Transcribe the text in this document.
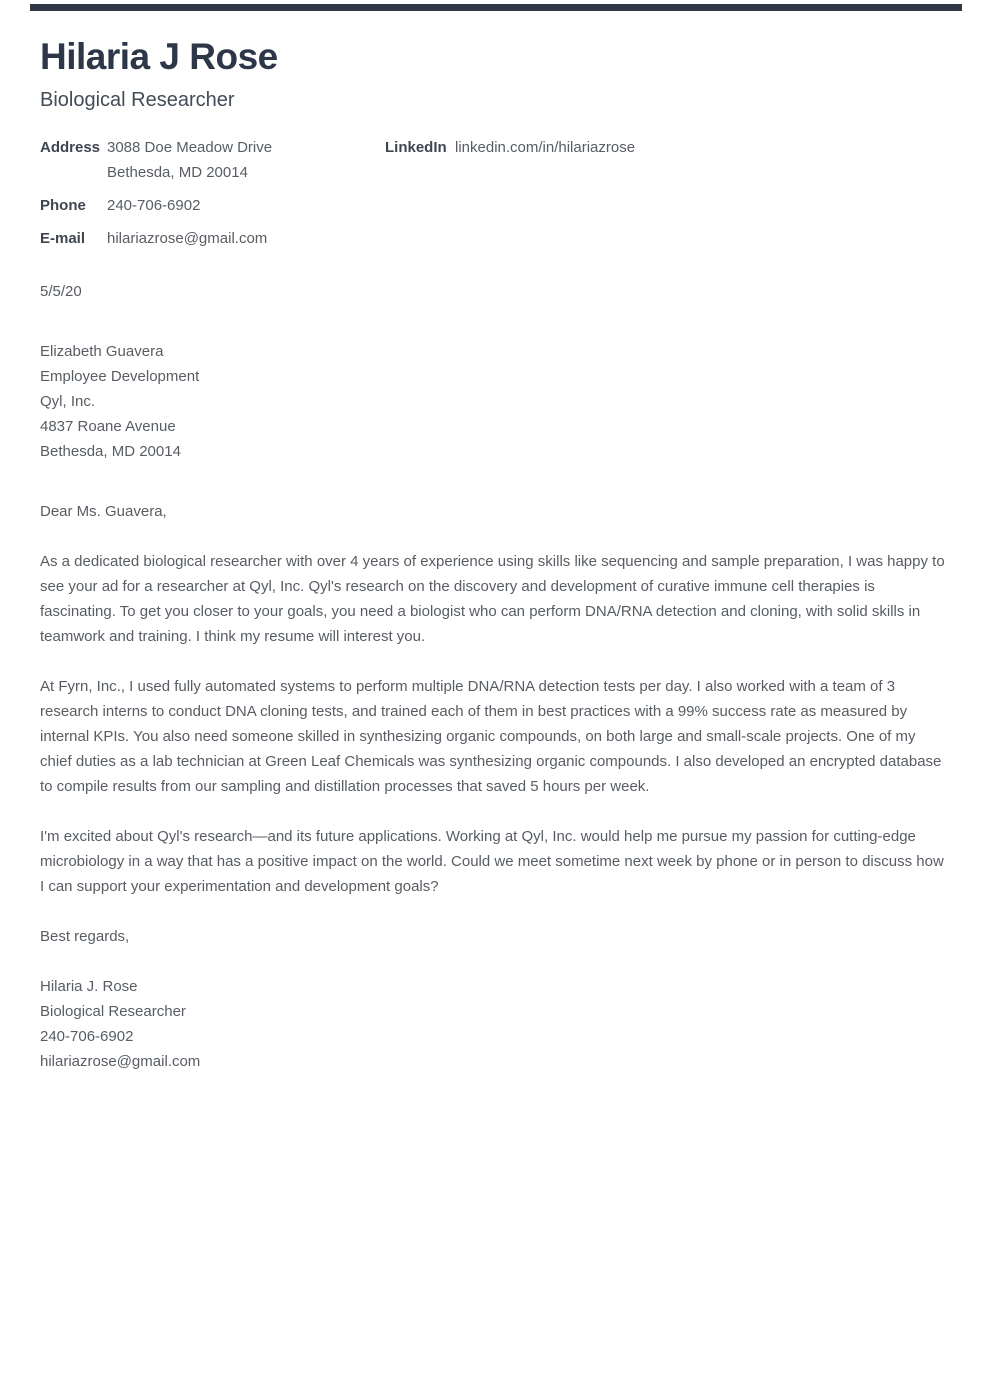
Hilaria J Rose
Biological Researcher
Address 3088 Doe Meadow Drive
Bethesda, MD 20014
Phone	240-706-6902
E-mail	hilariazrose@gmail.com
LinkedIn linkedin.com/in/hilariazrose
5/5/20
Elizabeth Guavera
Employee Development
Qyl, Inc.
4837 Roane Avenue
Bethesda, MD 20014
Dear Ms. Guavera,

As a dedicated biological researcher with over 4 years of experience using skills like sequencing and sample preparation, I was happy to see your ad for a researcher at Qyl, Inc. Qyl's research on the discovery and development of curative immune cell therapies is fascinating. To get you closer to your goals, you need a biologist who can perform DNA/RNA detection and cloning, with solid skills in teamwork and training. I think my resume will interest you.

At Fyrn, Inc., I used fully automated systems to perform multiple DNA/RNA detection tests per day. I also worked with a team of 3 research interns to conduct DNA cloning tests, and trained each of them in best practices with a 99% success rate as measured by internal KPIs. You also need someone skilled in synthesizing organic compounds, on both large and small-scale projects. One of my chief duties as a lab technician at Green Leaf Chemicals was synthesizing organic compounds. I also developed an encrypted database to compile results from our sampling and distillation processes that saved 5 hours per week.

I'm excited about Qyl's research—and its future applications. Working at Qyl, Inc. would help me pursue my passion for cutting-edge microbiology in a way that has a positive impact on the world. Could we meet sometime next week by phone or in person to discuss how I can support your experimentation and development goals?

Best regards,
Hilaria J. Rose
Biological Researcher
240-706-6902
hilariazrose@gmail.com
